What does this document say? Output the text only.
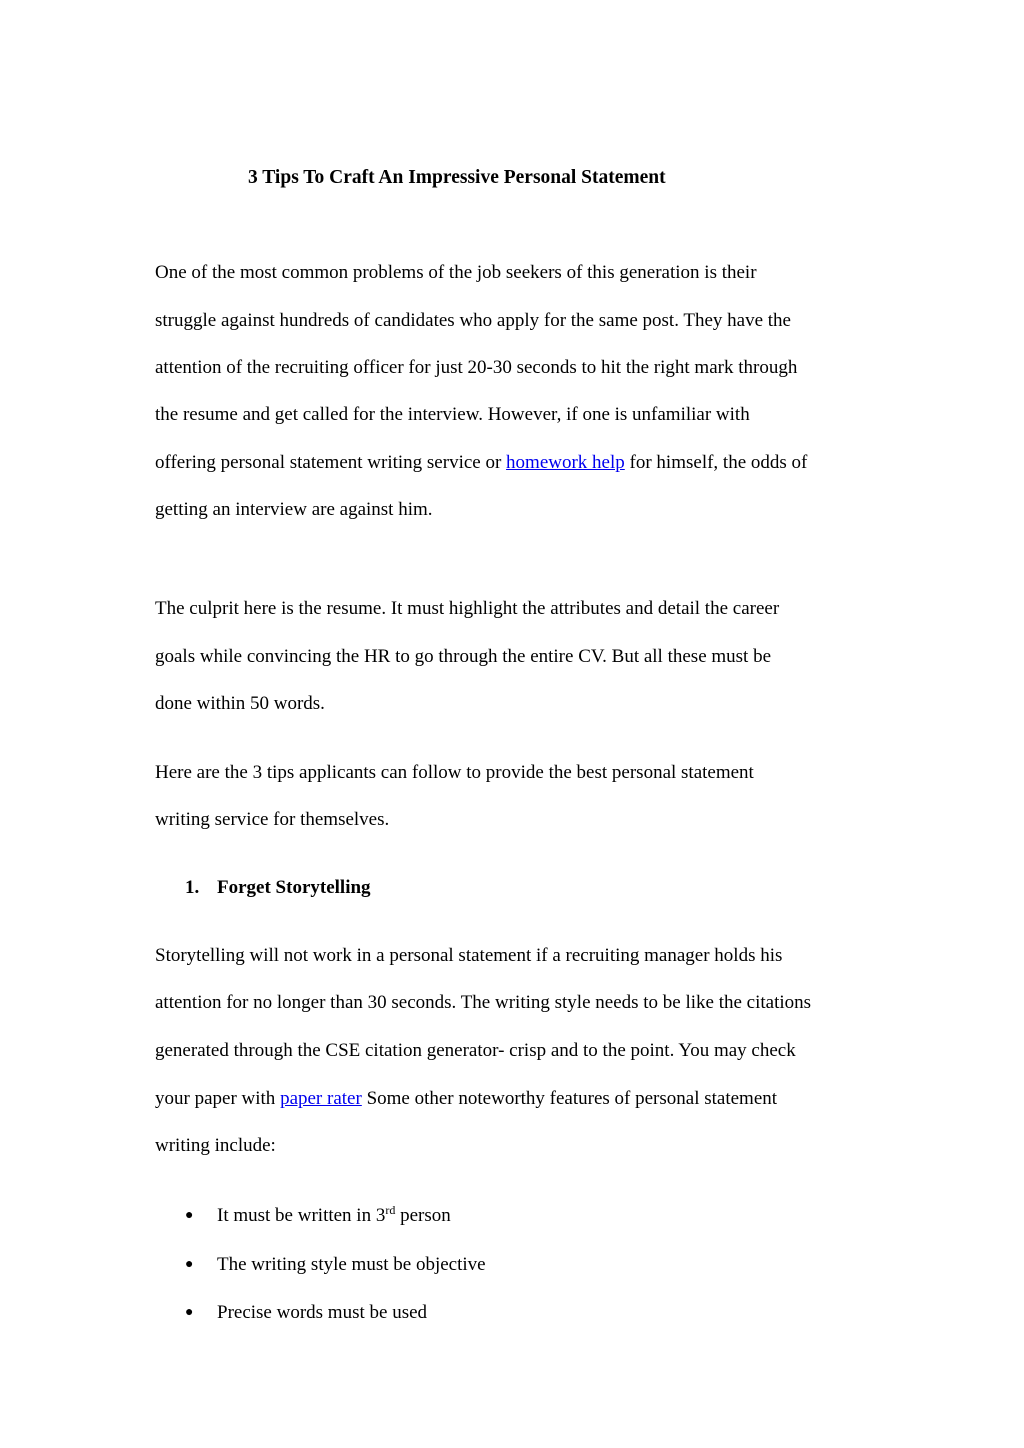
3 Tips To Craft An Impressive Personal Statement
One of the most common problems of the job seekers of this generation is their
struggle against hundreds of candidates who apply for the same post. They have the
attention of the recruiting officer for just 20-30 seconds to hit the right mark through
the resume and get called for the interview. However, if one is unfamiliar with
offering personal statement writing service or homework help for himself, the odds of
getting an interview are against him.
The culprit here is the resume. It must highlight the attributes and detail the career
goals while convincing the HR to go through the entire CV. But all these must be
done within 50 words.
Here are the 3 tips applicants can follow to provide the best personal statement
writing service for themselves.
1. Forget Storytelling
Storytelling will not work in a personal statement if a recruiting manager holds his
attention for no longer than 30 seconds. The writing style needs to be like the citations
generated through the CSE citation generator- crisp and to the point. You may check
your paper with paper rater Some other noteworthy features of personal statement
writing include:
● It must be written in 3rd person
● The writing style must be objective
● Precise words must be used
